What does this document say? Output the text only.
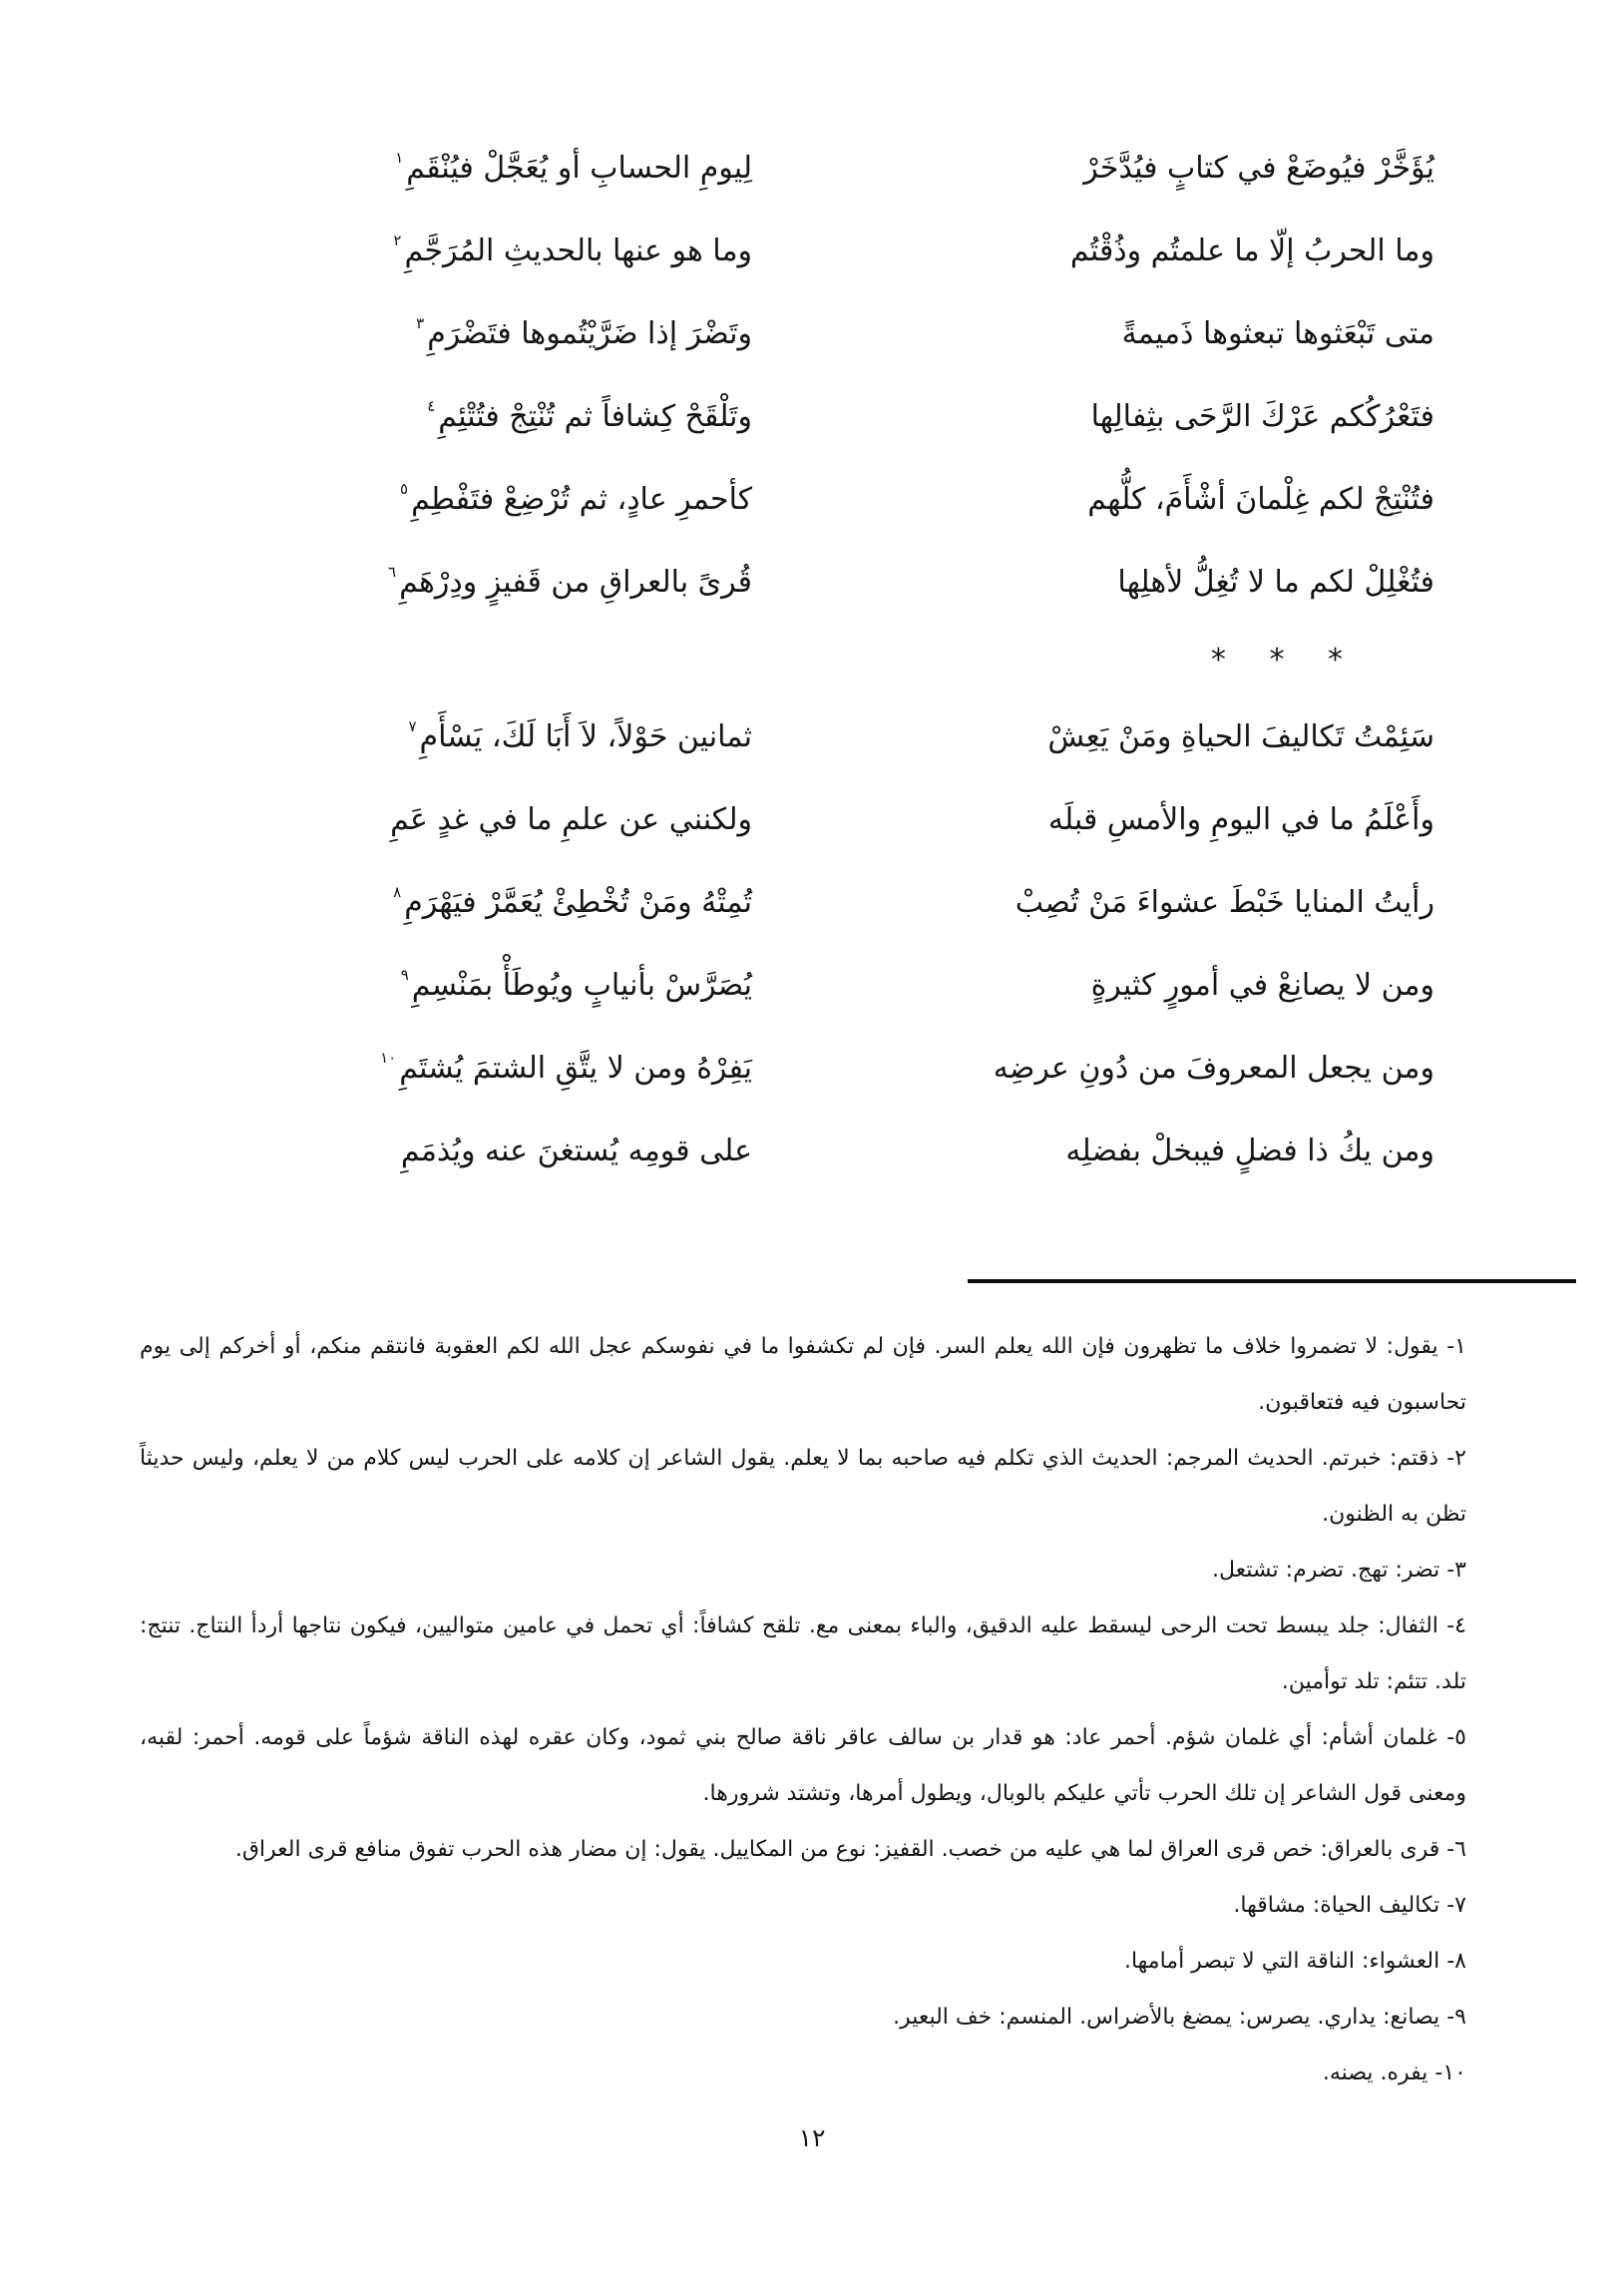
يُؤَخَّرْ فيُوضَعْ في كتابٍ فيُدَّخَرْ
لِيومِ الحسابِ أو يُعَجَّلْ فيُنْقَمِ$^١$
وما الحربُ إلّا ما علمتُم وذُقْتُم
وما هو عنها بالحديثِ المُرَجَّمِ$^٢$
متى تَبْعَثوها تبعثوها ذَميمةً
وتَضْرَ إذا ضَرَّيْتُموها فتَضْرَمِ$^٣$
فتَعْرُكُكم عَرْكَ الرَّحَى بثِفالِها
وتَلْقَحْ كِشافاً ثم تُنْتِجْ فتُتْئِمِ$^٤$
فتُنْتِجْ لكم غِلْمانَ أشْأَمَ، كلُّهم
كأحمرِ عادٍ، ثم تُرْضِعْ فتَفْطِمِ$^٥$
فتُغْلِلْ لكم ما لا تُغِلُّ لأهلِها
قُرىً بالعراقِ من قَفيزٍ ودِرْهَمِ$^٦$
* * *
سَئِمْتُ تَكاليفَ الحياةِ ومَنْ يَعِشْ
ثمانين حَوْلاً، لاَ أَبَا لَكَ، يَسْأَمِ$^٧$
وأَعْلَمُ ما في اليومِ والأمسِ قبلَه
ولكنني عن علمِ ما في غدٍ عَمِ
رأيتُ المنايا خَبْطَ عشواءَ مَنْ تُصِبْ
تُمِتْهُ ومَنْ تُخْطِئْ يُعَمَّرْ فيَهْرَمِ$^٨$
ومن لا يصانِعْ في أمورٍ كثيرةٍ
يُصَرَّسْ بأنيابٍ ويُوطَأْ بمَنْسِمِ$^٩$
ومن يجعل المعروفَ من دُونِ عرضِه
يَفِرْهُ ومن لا يتَّقِ الشتمَ يُشتَمِ$^{١٠}$
ومن يكُ ذا فضلٍ فيبخلْ بفضلِه
على قومِه يُستغنَ عنه ويُذمَمِ

١- يقول: لا تضمروا خلاف ما تظهرون فإن الله يعلم السر. فإن لم تكشفوا ما في نفوسكم عجل الله لكم العقوبة فانتقم منكم، أو أخركم إلى يوم تحاسبون فيه فتعاقبون.

٢- ذقتم: خبرتم. الحديث المرجم: الحديث الذي تكلم فيه صاحبه بما لا يعلم. يقول الشاعر إن كلامه على الحرب ليس كلام من لا يعلم، وليس حديثاً تظن به الظنون.

٣- تضر: تهج. تضرم: تشتعل.

٤- الثفال: جلد يبسط تحت الرحى ليسقط عليه الدقيق، والباء بمعنى مع. تلقح كشافاً: أي تحمل في عامين متواليين، فيكون نتاجها أردأ النتاج. تنتج: تلد. تتئم: تلد توأمين.

٥- غلمان أشأم: أي غلمان شؤم. أحمر عاد: هو قدار بن سالف عاقر ناقة صالح بني ثمود، وكان عقره لهذه الناقة شؤماً على قومه. أحمر: لقبه، ومعنى قول الشاعر إن تلك الحرب تأتي عليكم بالوبال، ويطول أمرها، وتشتد شرورها.

٦- قرى بالعراق: خص قرى العراق لما هي عليه من خصب. القفيز: نوع من المكاييل. يقول: إن مضار هذه الحرب تفوق منافع قرى العراق.

٧- تكاليف الحياة: مشاقها.

٨- العشواء: الناقة التي لا تبصر أمامها.

٩- يصانع: يداري. يصرس: يمضغ بالأضراس. المنسم: خف البعير.

١٠- يفره. يصنه.

١٢
